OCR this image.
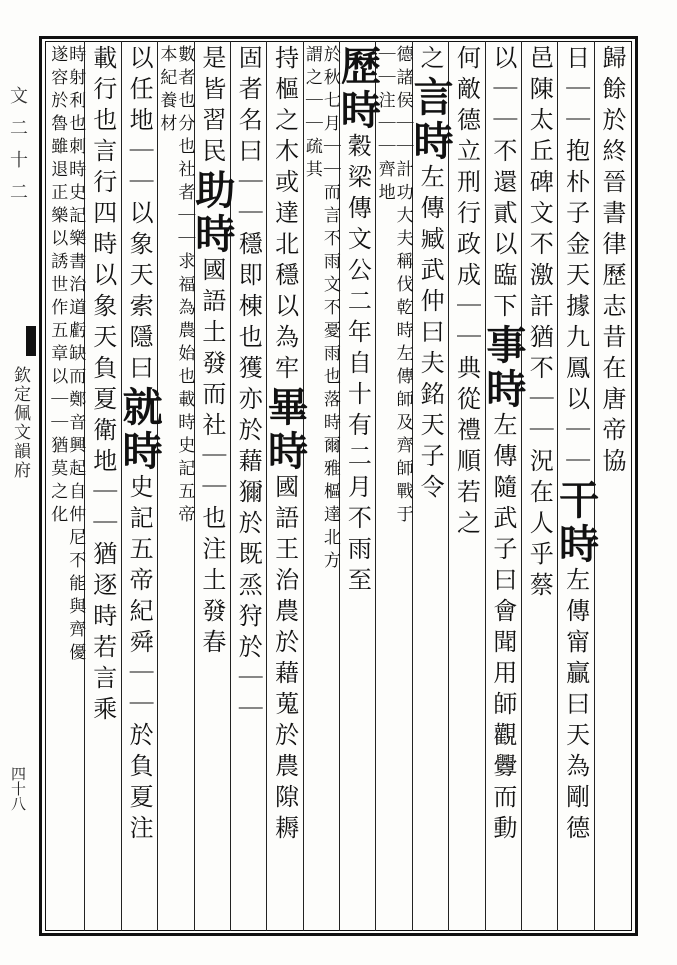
文二十二
欽定佩文韻府
四十八
歸餘於終晉書律歷志昔在唐帝協
日｜｜抱朴子金天據九鳳以｜｜干時左傳甯贏曰天為剛德
邑陳太丘碑文不激訐猶不｜｜況在人乎蔡
以｜｜不還貳以臨下事時左傳隨武子曰會聞用師觀釁而動
何敵德立刑行政成｜｜典從禮順若之
之言時左傳臧武仲曰夫銘天子令
德諸侯｜｜計功大夫稱伐乾時左傳師及齊師戰于
｜｜注｜｜齊地
歷時穀梁傳文公二年自十有二月不雨至
於秋七月｜｜而言不雨文不憂雨也落時爾雅樞達北方
謂之｜｜疏其
持樞之木或達北穩以為牢畢時國語王治農於藉蒐於農隙耨
固者名曰｜｜穩即棟也獲亦於藉獮於既烝狩於｜｜
是皆習民助時國語土發而社｜｜也注土發春
數者也分也社者｜｜求福為農始也載時史記五帝
本紀養材
以任地｜｜以象天索隱曰就時史記五帝紀舜｜｜於負夏注
載行也言行四時以象天負夏衛地｜｜猶逐時若言乘
時射利也刺時史記樂書治道虧缺而鄭音興起自仲尼不能與齊優
遂容於魯雖退正樂以誘世作五章以｜｜猶莫之化
